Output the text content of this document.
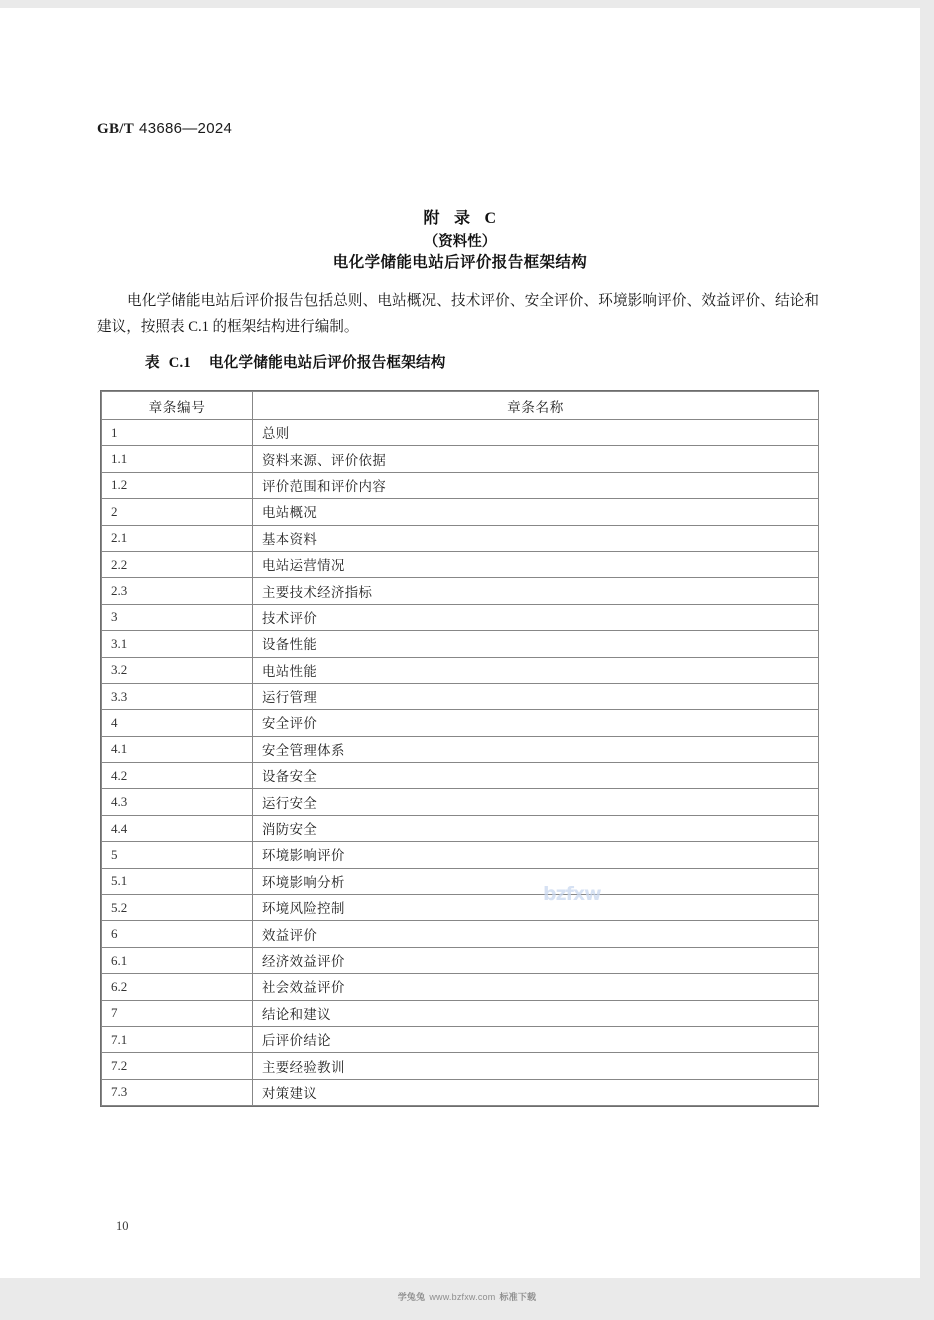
GB/T 43686—2024
附 录 C
（资料性）
电化学储能电站后评价报告框架结构
电化学储能电站后评价报告包括总则、电站概况、技术评价、安全评价、环境影响评价、效益评价、结论和建议，按照表 C.1 的框架结构进行编制。
表 C.1 电化学储能电站后评价报告框架结构
章条编号	章条名称
1	总则
1.1	资料来源、评价依据
1.2	评价范围和评价内容
2	电站概况
2.1	基本资料
2.2	电站运营情况
2.3	主要技术经济指标
3	技术评价
3.1	设备性能
3.2	电站性能
3.3	运行管理
4	安全评价
4.1	安全管理体系
4.2	设备安全
4.3	运行安全
4.4	消防安全
5	环境影响评价
5.1	环境影响分析
5.2	环境风险控制
6	效益评价
6.1	经济效益评价
6.2	社会效益评价
7	结论和建议
7.1	后评价结论
7.2	主要经验教训
7.3	对策建议
bzfxw
10
学兔兔 www.bzfxw.com 标准下载
